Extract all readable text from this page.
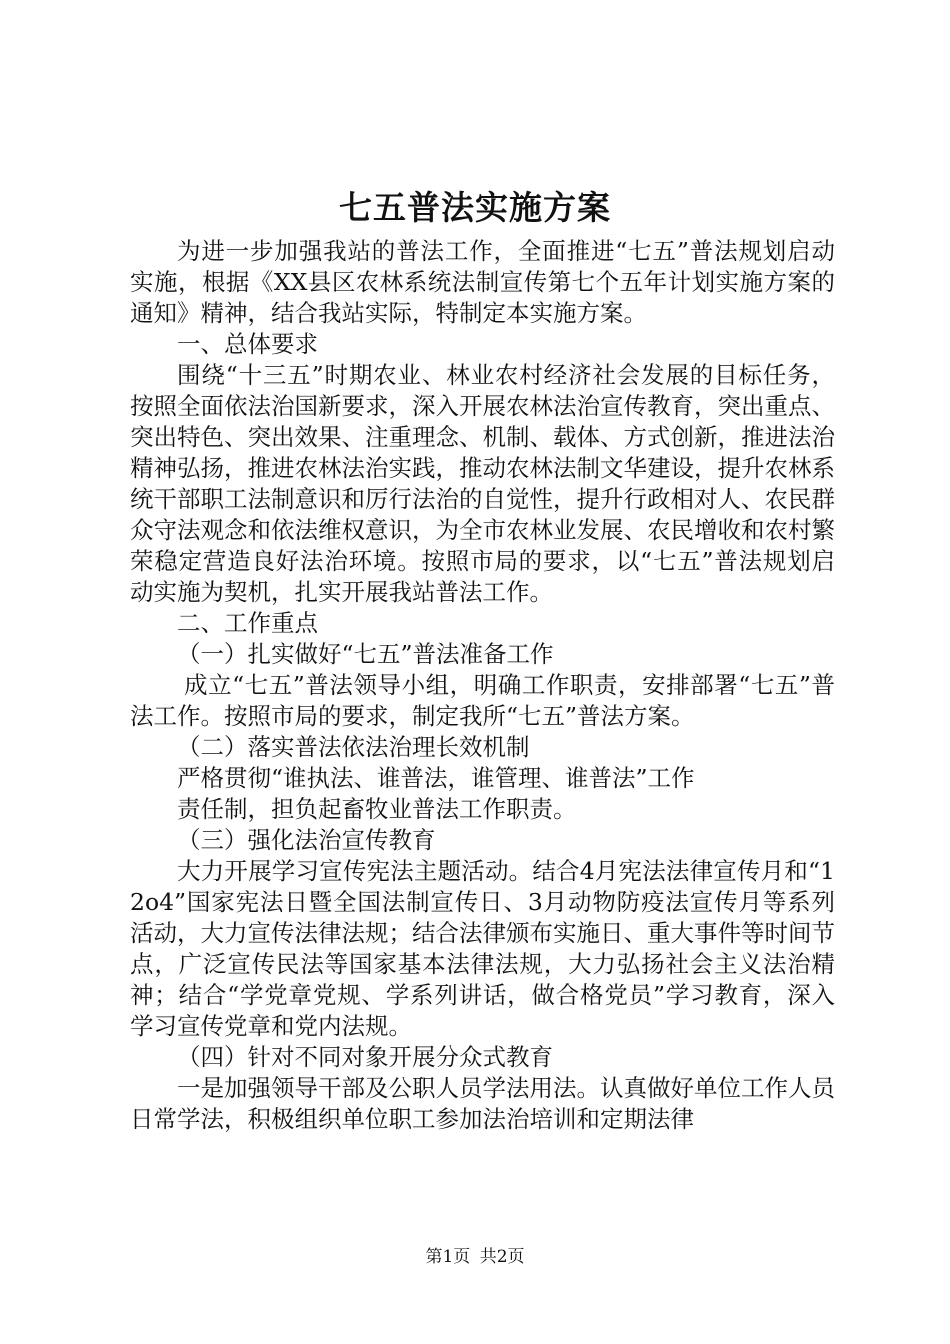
七五普法实施方案

为进一步加强我站的普法工作，全面推进“七五”普法规划启动实施，根据《XX县区农林系统法制宣传第七个五年计划实施方案的通知》精神，结合我站实际，特制定本实施方案。

一、总体要求

围绕“十三五”时期农业、林业农村经济社会发展的目标任务，按照全面依法治国新要求，深入开展农林法治宣传教育，突出重点、突出特色、突出效果、注重理念、机制、载体、方式创新，推进法治精神弘扬，推进农林法治实践，推动农林法制文华建设，提升农林系统干部职工法制意识和厉行法治的自觉性，提升行政相对人、农民群众守法观念和依法维权意识，为全市农林业发展、农民增收和农村繁荣稳定营造良好法治环境。按照市局的要求，以“七五”普法规划启动实施为契机，扎实开展我站普法工作。

二、工作重点

（一）扎实做好“七五”普法准备工作

成立“七五”普法领导小组，明确工作职责，安排部署“七五”普法工作。按照市局的要求，制定我所“七五”普法方案。

（二）落实普法依法治理长效机制

严格贯彻“谁执法、谁普法，谁管理、谁普法”工作

责任制，担负起畜牧业普法工作职责。

（三）强化法治宣传教育

大力开展学习宣传宪法主题活动。结合4月宪法法律宣传月和“12o4”国家宪法日暨全国法制宣传日、3月动物防疫法宣传月等系列活动，大力宣传法律法规；结合法律颁布实施日、重大事件等时间节点，广泛宣传民法等国家基本法律法规，大力弘扬社会主义法治精神；结合“学党章党规、学系列讲话，做合格党员”学习教育，深入学习宣传党章和党内法规。

（四）针对不同对象开展分众式教育

一是加强领导干部及公职人员学法用法。认真做好单位工作人员日常学法，积极组织单位职工参加法治培训和定期法律

第1页 共2页
